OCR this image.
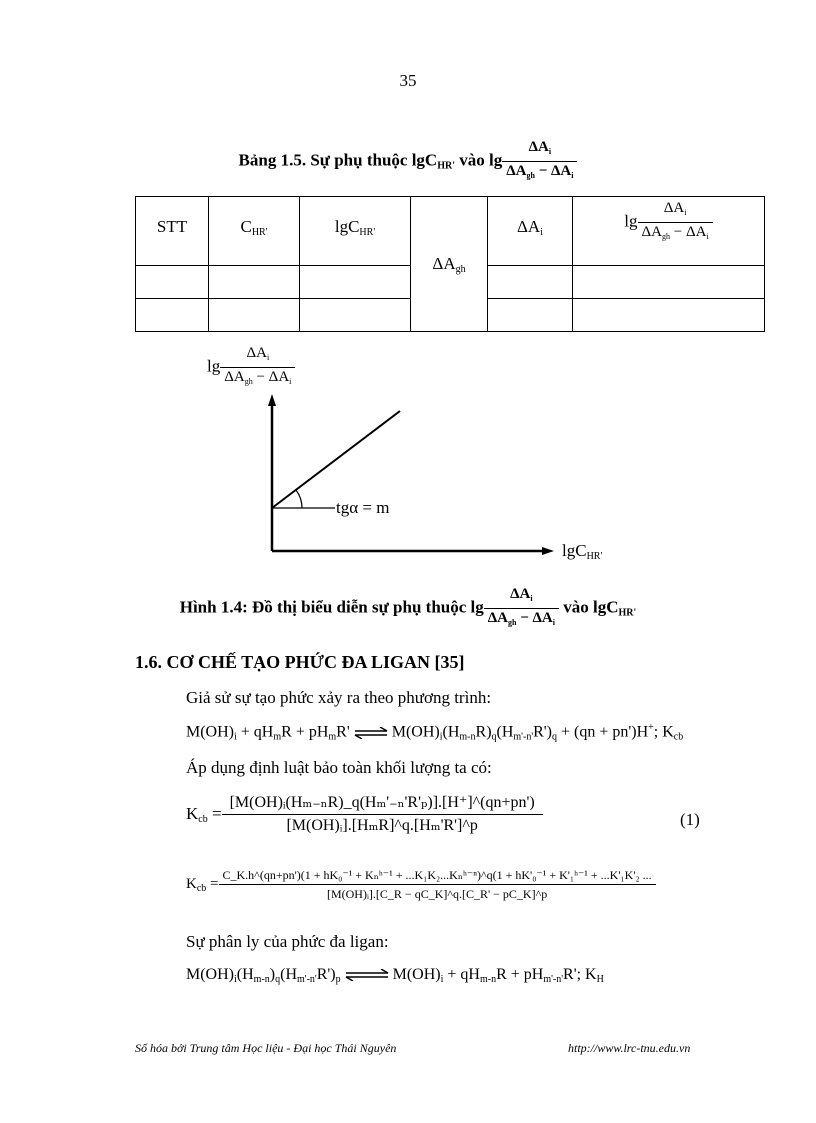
35
Bảng 1.5. Sự phụ thuộc lgC$_{HR'}$ vào $\lg \frac{\Delta A_i}{\Delta A_{gh} - \Delta A_i}$
STT	$C_{HR'}$	lgC$_{HR'}$	$\Delta A_{gh}$	$\Delta A_i$	$\lg \frac{\Delta A_i}{\Delta A_{gh} - \Delta A_i}$

$\lg \frac{\Delta A_i}{\Delta A_{gh} - \Delta A_i}$
tgα = m
lgC$_{HR'}$
Hình 1.4: Đồ thị biểu diễn sự phụ thuộc $\lg \frac{\Delta A_i}{\Delta A_{gh} - \Delta A_i}$ vào lgC$_{HR'}$
1.6. CƠ CHẾ TẠO PHỨC ĐA LIGAN [35]
Giả sử sự tạo phức xảy ra theo phương trình:
$M(OH)_i + qH_mR + pH_mR'$ ⇌ $M(OH)_i(H_{m-n}R)_q(H_{m'-n'}R')_q + (qn + pn')H^+$; $K_{cb}$
Áp dụng định luật bảo toàn khối lượng ta có:
$K_{cb} = \frac{\text{[M(OH)ᵢ(Hₘ₋ₙR)\_q(Hₘ'₋ₙ'R'ₚ)].[H⁺]\textasciicircum{}(qn+pn')}}{\text{[M(OH)ᵢ].[HₘR]\textasciicircum{}q.[Hₘ'R']\textasciicircum{}p}}$	(1)
$K_{cb}$ =
C_K.h^(qn+pn')(1 + hK₀⁻¹ + Kₙʰ⁻¹ + ...K₁K₂...Kₙʰ⁻ⁿ)^q(1 + hK'₀⁻¹ + K'₁ʰ⁻¹ + ...K'₁K'₂ ...
[M(OH)ᵢ].[C_R − qC_K]^q.[C_R' − pC_K]^p
Sự phân ly của phức đa ligan:
$M(OH)_i(H_{m-n})_q(H_{m'-n'}R')_p$ ⇌ $M(OH)_i + qH_{m-n}R + pH_{m'-n'}R'$; $K_H$
Số hóa bởi Trung tâm Học liệu - Đại học Thái Nguyên	http://www.lrc-tnu.edu.vn
